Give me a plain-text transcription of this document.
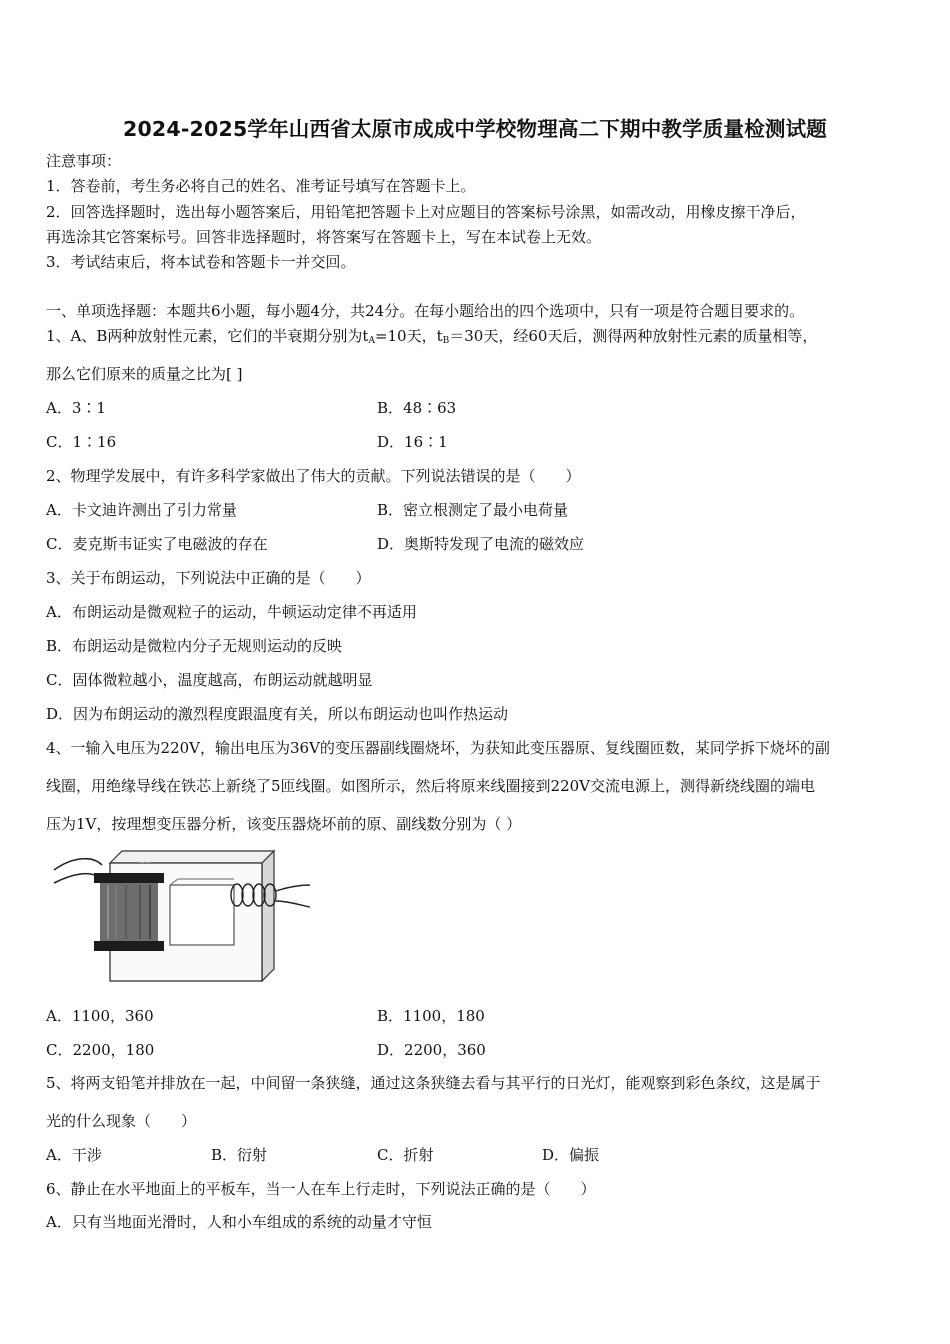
2024-2025学年山西省太原市成成中学校物理高二下期中教学质量检测试题
注意事项：
1．答卷前，考生务必将自己的姓名、准考证号填写在答题卡上。
2．回答选择题时，选出每小题答案后，用铅笔把答题卡上对应题目的答案标号涂黑，如需改动，用橡皮擦干净后，
再选涂其它答案标号。回答非选择题时，将答案写在答题卡上，写在本试卷上无效。
3．考试结束后，将本试卷和答题卡一并交回。
一、单项选择题：本题共6小题，每小题4分，共24分。在每小题给出的四个选项中，只有一项是符合题目要求的。
1、A、B两种放射性元素，它们的半衰期分别为$t_A=10$天，$t_B=30$天，经60天后，测得两种放射性元素的质量相等，
那么它们原来的质量之比为[ ]
A．3∶1	B．48∶63
C．1∶16	D．16∶1
2、物理学发展中，有许多科学家做出了伟大的贡献。下列说法错误的是（　　）
A．卡文迪许测出了引力常量	B．密立根测定了最小电荷量
C．麦克斯韦证实了电磁波的存在	D．奥斯特发现了电流的磁效应
3、关于布朗运动，下列说法中正确的是（　　）
A．布朗运动是微观粒子的运动，牛顿运动定律不再适用
B．布朗运动是微粒内分子无规则运动的反映
C．固体微粒越小，温度越高，布朗运动就越明显
D．因为布朗运动的激烈程度跟温度有关，所以布朗运动也叫作热运动
4、一输入电压为220V，输出电压为36V的变压器副线圈烧坏，为获知此变压器原、复线圈匝数，某同学拆下烧坏的副
线圈，用绝缘导线在铁芯上新绕了5匝线圈。如图所示，然后将原来线圈接到220V交流电源上，测得新绕线圈的端电
压为1V，按理想变压器分析，该变压器烧坏前的原、副线数分别为（ ）
~~
A．1100，360	B．1100，180
C．2200，180	D．2200，360
5、将两支铅笔并排放在一起，中间留一条狭缝，通过这条狭缝去看与其平行的日光灯，能观察到彩色条纹，这是属于
光的什么现象（　　）
A．干涉	B．衍射	C．折射	D．偏振
6、静止在水平地面上的平板车，当一人在车上行走时，下列说法正确的是（　　）
A．只有当地面光滑时，人和小车组成的系统的动量才守恒
